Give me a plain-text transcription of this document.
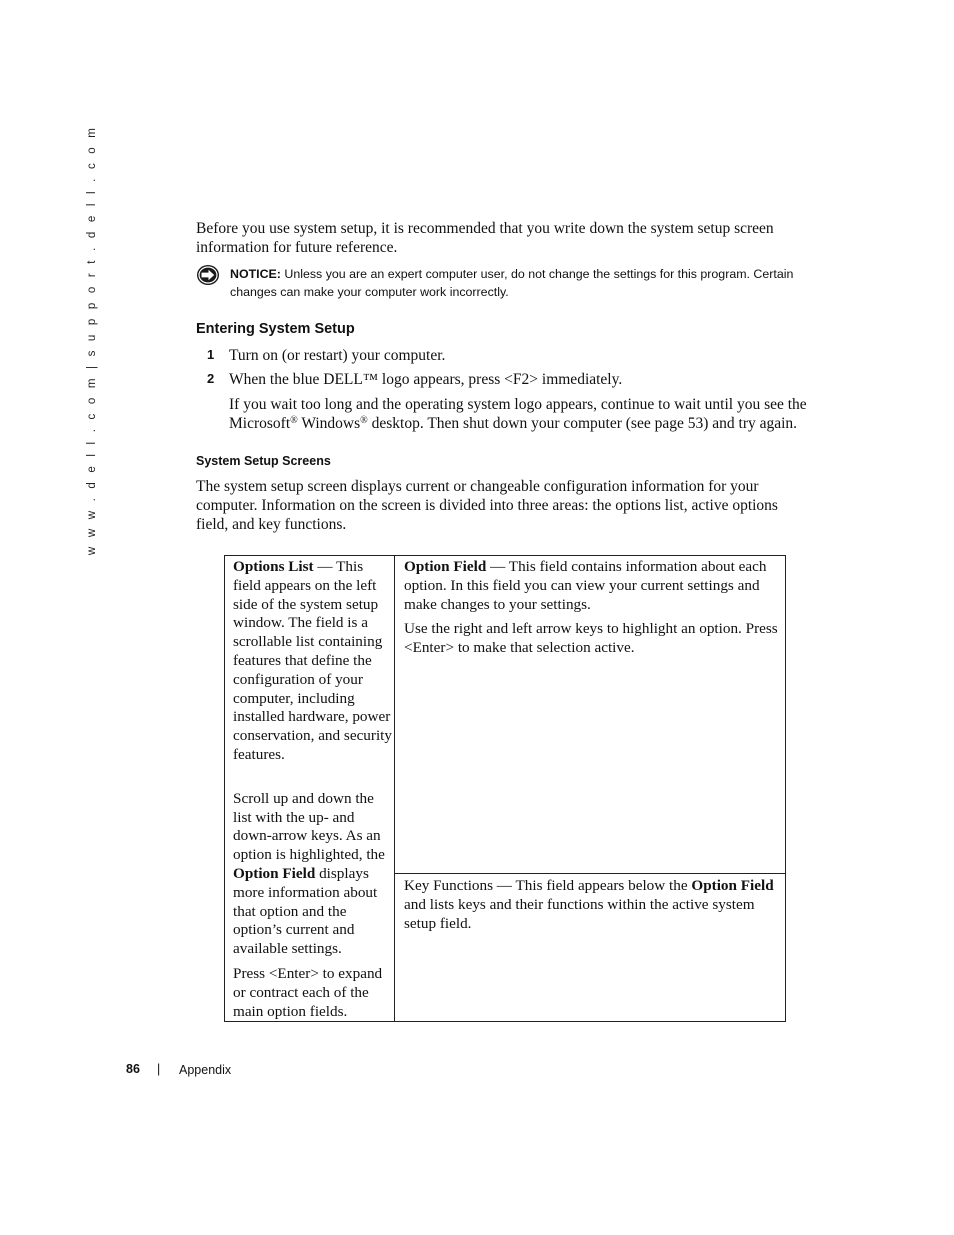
w w w . d e l l . c o m | s u p p o r t . d e l l . c o m	Before you use system setup, it is recommended that you write down the system setup screen information for future reference.

NOTICE: Unless you are an expert computer user, do not change the settings for this program. Certain changes can make your computer work incorrectly.

Entering System Setup
1 Turn on (or restart) your computer.

2 When the blue DELL™ logo appears, press <F2> immediately.

If you wait too long and the operating system logo appears, continue to wait until you see the Microsoft® Windows® desktop. Then shut down your computer (see page 53) and try again.

System Setup Screens

The system setup screen displays current or changeable configuration information for your computer. Information on the screen is divided into three areas: the options list, active options field, and key functions.

Options List — This field appears on the left side of the system setup window. The field is a scrollable list containing features that define the configuration of your computer, including installed hardware, power conservation, and security features.

Scroll up and down the list with the up- and down-arrow keys. As an option is highlighted, the Option Field displays more information about that option and the option’s current and available settings.

Press <Enter> to expand or contract each of the main option fields.

Option Field — This field contains information about each option. In this field you can view your current settings and make changes to your settings.

Use the right and left arrow keys to highlight an option. Press <Enter> to make that selection active.

Key Functions — This field appears below the Option Field and lists keys and their functions within the active system setup field.

86 | Appendix
